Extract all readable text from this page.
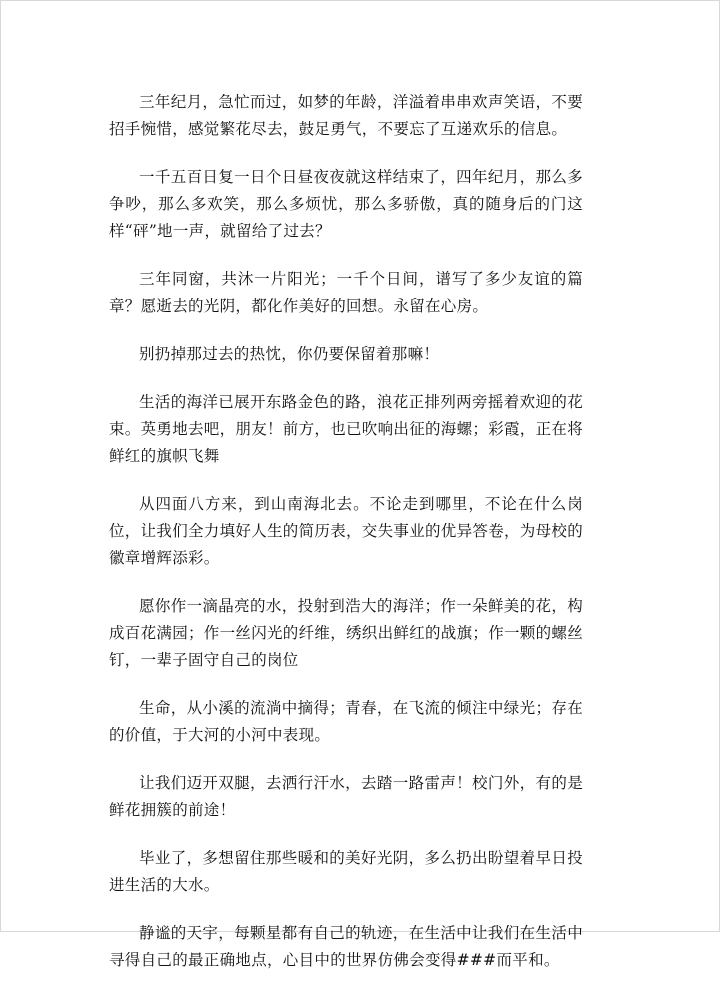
三年纪月，急忙而过，如梦的年龄，洋溢着串串欢声笑语，不要招手惋惜，感觉繁花尽去，鼓足勇气，不要忘了互递欢乐的信息。

一千五百日复一日个日昼夜夜就这样结束了，四年纪月，那么多争吵，那么多欢笑，那么多烦忧，那么多骄傲，真的随身后的门这样“砰”地一声，就留给了过去？

三年同窗，共沐一片阳光；一千个日间，谱写了多少友谊的篇章？愿逝去的光阴，都化作美好的回想。永留在心房。

别扔掉那过去的热忱，你仍要保留着那嘛！

生活的海洋已展开东路金色的路，浪花正排列两旁摇着欢迎的花束。英勇地去吧，朋友！前方，也已吹响出征的海螺；彩霞，正在将鲜红的旗帜飞舞

从四面八方来，到山南海北去。不论走到哪里，不论在什么岗位，让我们全力填好人生的简历表，交失事业的优异答卷，为母校的徽章增辉添彩。

愿你作一滴晶亮的水，投射到浩大的海洋；作一朵鲜美的花，构成百花满园；作一丝闪光的纤维，绣织出鲜红的战旗；作一颗的螺丝钉，一辈子固守自己的岗位

生命，从小溪的流淌中摘得；青春，在飞流的倾注中绿光；存在的价值，于大河的小河中表现。

让我们迈开双腿，去洒行汗水，去踏一路雷声！校门外，有的是鲜花拥簇的前途！

毕业了，多想留住那些暖和的美好光阴，多么扔出盼望着早日投进生活的大水。

静谧的天宇，每颗星都有自己的轨迹，在生活中让我们在生活中寻得自己的最正确地点，心目中的世界仿佛会变得###而平和。
